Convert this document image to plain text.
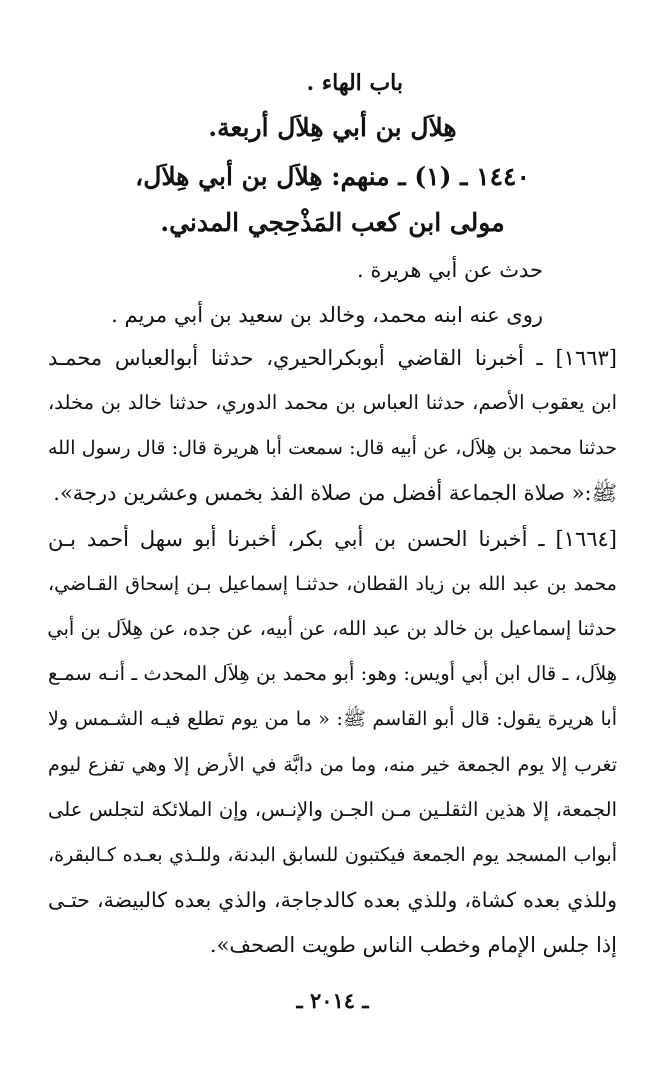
باب الهاء .
هِلاَل بن أبي هِلاَل أربعة.
١٤٤٠ ـ (١) ـ منهم: هِلاَل بن أبي هِلاَل،
مولى ابن كعب المَذْحِجي المدني.
حدث عن أبي هريرة .
روى عنه ابنه محمد، وخالد بن سعيد بن أبي مريم .
[١٦٦٣] ـ أخبرنا القاضي أبوبكرالحيري، حدثنا أبوالعباس محمـد
ابن يعقوب الأصم، حدثنا العباس بن محمد الدوري، حدثنا خالد بن مخلد،
حدثنا محمد بن هِلاَل، عن أبيه قال: سمعت أبا هريرة قال: قال رسول الله
ﷺ:« صلاة الجماعة أفضل من صلاة الفذ بخمس وعشرين درجة».
[١٦٦٤] ـ أخبرنا الحسن بن أبي بكر، أخبرنا أبو سهل أحمد بـن
محمد بن عبد الله بن زياد القطان، حدثنـا إسماعيل بـن إسحاق القـاضي،
حدثنا إسماعيل بن خالد بن عبد الله، عن أبيه، عن جده، عن هِلاَل بن أبي
هِلاَل، ـ قال ابن أبي أويس: وهو: أبو محمد بن هِلاَل المحدث ـ أنـه سمـع
أبا هريرة يقول: قال أبو القاسم ﷺ: « ما من يوم تطلع فيـه الشـمس ولا
تغرب إلا يوم الجمعة خير منه، وما من دابَّة في الأرض إلا وهي تفزع ليوم
الجمعة، إلا هذين الثقلـين مـن الجـن والإنـس، وإن الملائكة لتجلس على
أبواب المسجد يوم الجمعة فيكتبون للسابق البدنة، وللـذي بعـده كـالبقرة،
وللذي بعده كشاة، وللذي بعده كالدجاجة، والذي بعده كالبيضة، حتـى
إذا جلس الإمام وخطب الناس طويت الصحف».
ـ ٢٠١٤ ـ
